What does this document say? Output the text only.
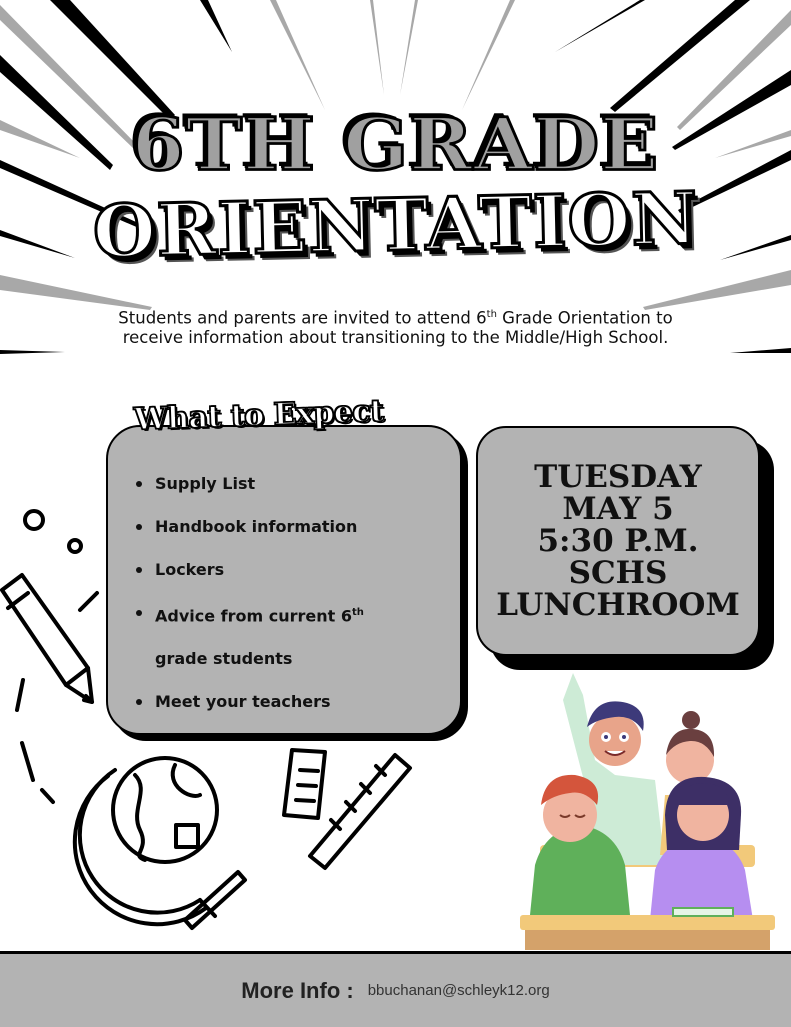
6TH GRADE
ORIENTATION
Students and parents are invited to attend 6th Grade Orientation to receive information about transitioning to the Middle/High School.
What to Expect
Supply List
Handbook information
Lockers
Advice from current 6th
grade students
Meet your teachers
TUESDAY
MAY 5
5:30 P.M.
SCHS
LUNCHROOM
More Info : bbuchanan@schleyk12.org
